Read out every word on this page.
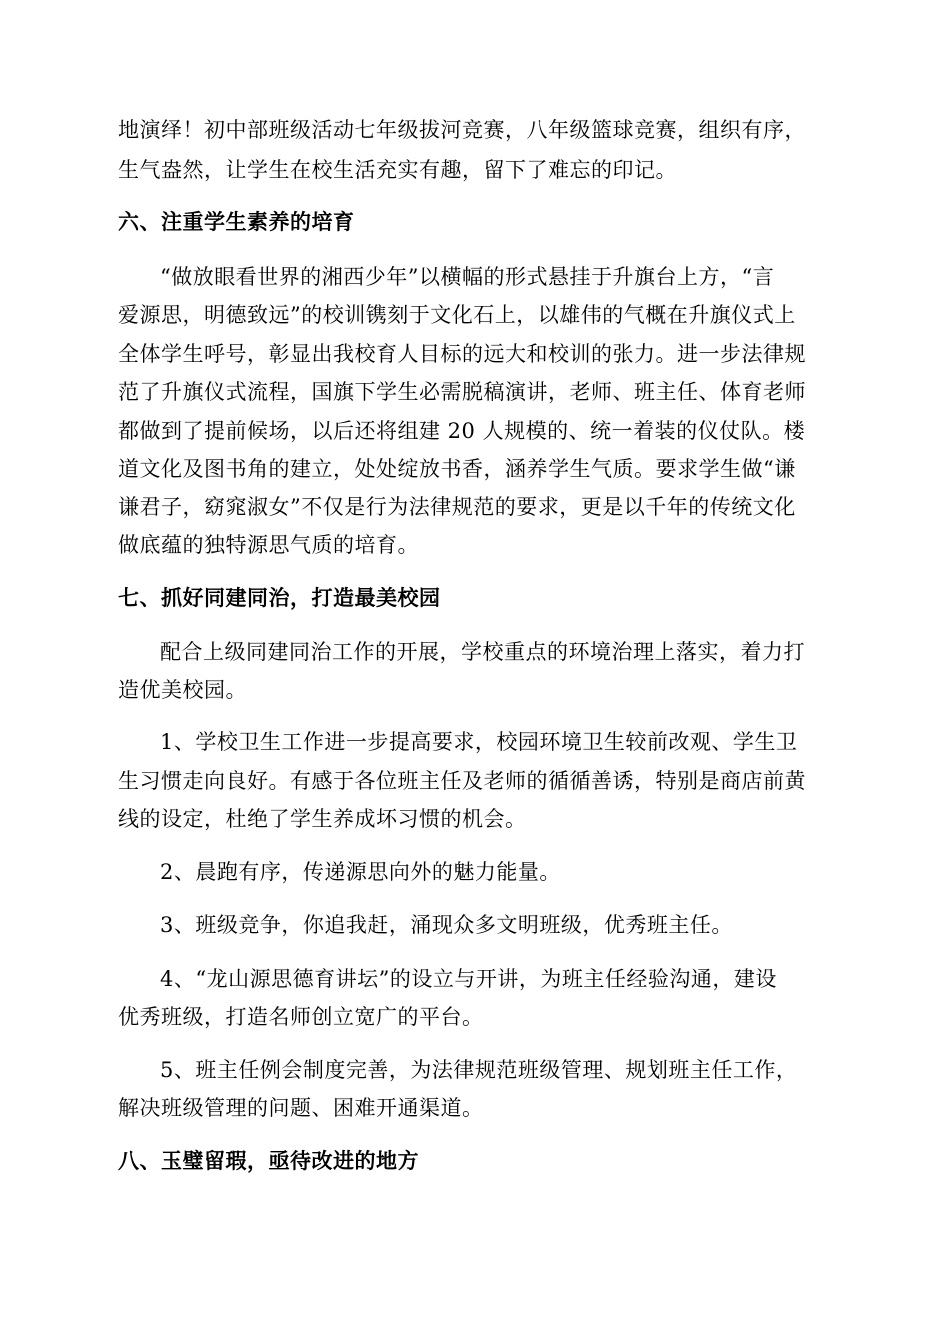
地演绎！初中部班级活动七年级拔河竞赛，八年级篮球竞赛，组织有序，
生气盎然，让学生在校生活充实有趣，留下了难忘的印记。
六、注重学生素养的培育
“做放眼看世界的湘西少年”以横幅的形式悬挂于升旗台上方，“言
爱源思，明德致远”的校训镌刻于文化石上，以雄伟的气概在升旗仪式上
全体学生呼号，彰显出我校育人目标的远大和校训的张力。进一步法律规
范了升旗仪式流程，国旗下学生必需脱稿演讲，老师、班主任、体育老师
都做到了提前候场，以后还将组建 20 人规模的、统一着装的仪仗队。楼
道文化及图书角的建立，处处绽放书香，涵养学生气质。要求学生做“谦
谦君子，窈窕淑女”不仅是行为法律规范的要求，更是以千年的传统文化
做底蕴的独特源思气质的培育。
七、抓好同建同治，打造最美校园
配合上级同建同治工作的开展，学校重点的环境治理上落实，着力打
造优美校园。
1、学校卫生工作进一步提高要求，校园环境卫生较前改观、学生卫
生习惯走向良好。有感于各位班主任及老师的循循善诱，特别是商店前黄
线的设定，杜绝了学生养成坏习惯的机会。
2、晨跑有序，传递源思向外的魅力能量。
3、班级竞争，你追我赶，涌现众多文明班级，优秀班主任。
4、“龙山源思德育讲坛”的设立与开讲，为班主任经验沟通，建设
优秀班级，打造名师创立宽广的平台。
5、班主任例会制度完善，为法律规范班级管理、规划班主任工作，
解决班级管理的问题、困难开通渠道。
八、玉璧留瑕，亟待改进的地方
